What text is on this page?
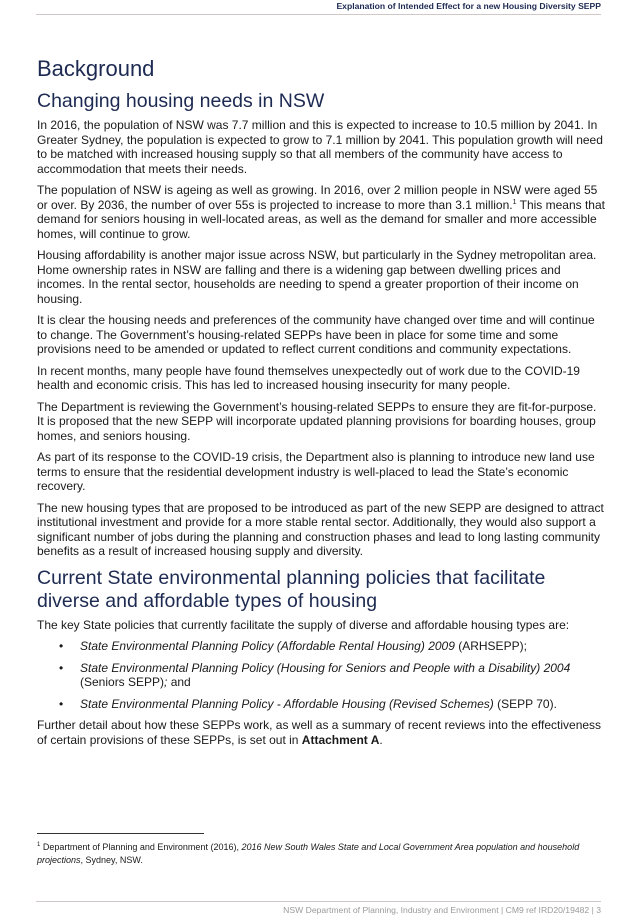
Explanation of Intended Effect for a new Housing Diversity SEPP
Background
Changing housing needs in NSW

In 2016, the population of NSW was 7.7 million and this is expected to increase to 10.5 million by 2041. In Greater Sydney, the population is expected to grow to 7.1 million by 2041. This population growth will need to be matched with increased housing supply so that all members of the community have access to accommodation that meets their needs.

The population of NSW is ageing as well as growing. In 2016, over 2 million people in NSW were aged 55 or over. By 2036, the number of over 55s is projected to increase to more than 3.1 million.$^1$ This means that demand for seniors housing in well-located areas, as well as the demand for smaller and more accessible homes, will continue to grow.

Housing affordability is another major issue across NSW, but particularly in the Sydney metropolitan area. Home ownership rates in NSW are falling and there is a widening gap between dwelling prices and incomes. In the rental sector, households are needing to spend a greater proportion of their income on housing.

It is clear the housing needs and preferences of the community have changed over time and will continue to change. The Government’s housing-related SEPPs have been in place for some time and some provisions need to be amended or updated to reflect current conditions and community expectations.

In recent months, many people have found themselves unexpectedly out of work due to the COVID-19 health and economic crisis. This has led to increased housing insecurity for many people.

The Department is reviewing the Government’s housing-related SEPPs to ensure they are fit-for-purpose. It is proposed that the new SEPP will incorporate updated planning provisions for boarding houses, group homes, and seniors housing.

As part of its response to the COVID-19 crisis, the Department also is planning to introduce new land use terms to ensure that the residential development industry is well-placed to lead the State’s economic recovery.

The new housing types that are proposed to be introduced as part of the new SEPP are designed to attract institutional investment and provide for a more stable rental sector. Additionally, they would also support a significant number of jobs during the planning and construction phases and lead to long lasting community benefits as a result of increased housing supply and diversity.

Current State environmental planning policies that facilitate diverse and affordable types of housing

The key State policies that currently facilitate the supply of diverse and affordable housing types are:

• State Environmental Planning Policy (Affordable Rental Housing) 2009 (ARHSEPP);
• State Environmental Planning Policy (Housing for Seniors and People with a Disability) 2004 (Seniors SEPP); and
• State Environmental Planning Policy - Affordable Housing (Revised Schemes) (SEPP 70).

Further detail about how these SEPPs work, as well as a summary of recent reviews into the effectiveness of certain provisions of these SEPPs, is set out in Attachment A.

$^1$ Department of Planning and Environment (2016), 2016 New South Wales State and Local Government Area population and household projections, Sydney, NSW.
NSW Department of Planning, Industry and Environment | CM9 ref IRD20/19482 | 3
